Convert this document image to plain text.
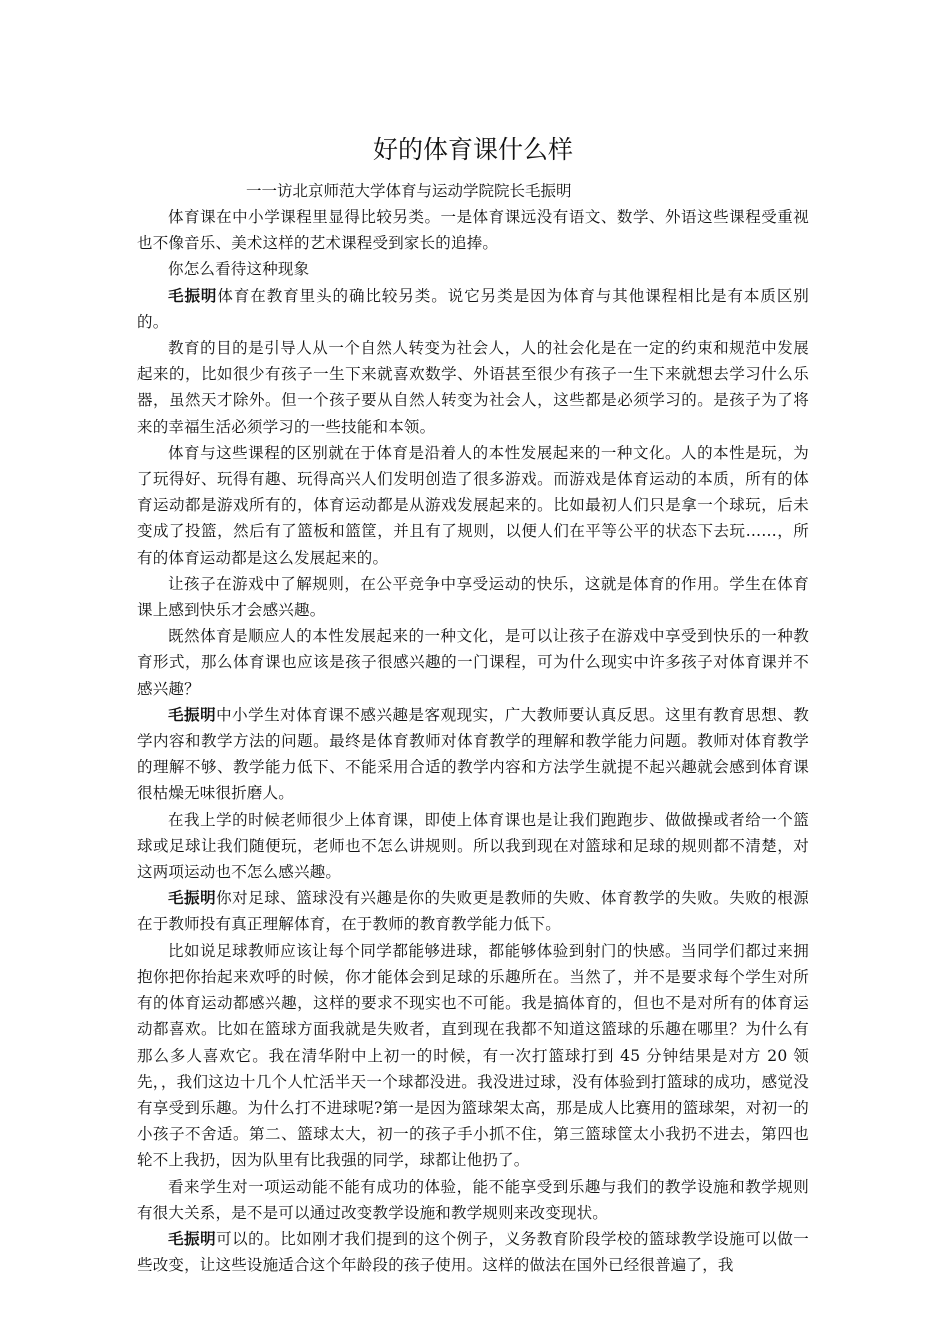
好的体育课什么样

一一访北京师范大学体育与运动学院院长毛振明

体育课在中小学课程里显得比较另类。一是体育课远没有语文、数学、外语这些课程受重视也不像音乐、美术这样的艺术课程受到家长的追捧。

你怎么看待这种现象

毛振明体育在教育里头的确比较另类。说它另类是因为体育与其他课程相比是有本质区别的。

教育的目的是引导人从一个自然人转变为社会人，人的社会化是在一定的约束和规范中发展起来的，比如很少有孩子一生下来就喜欢数学、外语甚至很少有孩子一生下来就想去学习什么乐器，虽然天才除外。但一个孩子要从自然人转变为社会人，这些都是必须学习的。是孩子为了将来的幸福生活必须学习的一些技能和本领。

体育与这些课程的区别就在于体育是沿着人的本性发展起来的一种文化。人的本性是玩，为了玩得好、玩得有趣、玩得高兴人们发明创造了很多游戏。而游戏是体育运动的本质，所有的体育运动都是游戏所有的，体育运动都是从游戏发展起来的。比如最初人们只是拿一个球玩，后未变成了投篮，然后有了篮板和篮筐，并且有了规则，以便人们在平等公平的状态下去玩……，所有的体育运动都是这么发展起来的。

让孩子在游戏中了解规则，在公平竞争中享受运动的快乐，这就是体育的作用。学生在体育课上感到快乐才会感兴趣。

既然体育是顺应人的本性发展起来的一种文化，是可以让孩子在游戏中享受到快乐的一种教育形式，那么体育课也应该是孩子很感兴趣的一门课程，可为什么现实中许多孩子对体育课并不感兴趣？

毛振明中小学生对体育课不感兴趣是客观现实，广大教师要认真反思。这里有教育思想、教学内容和教学方法的问题。最终是体育教师对体育教学的理解和教学能力问题。教师对体育教学的理解不够、教学能力低下、不能采用合适的教学内容和方法学生就提不起兴趣就会感到体育课很枯燥无味很折磨人。

在我上学的时候老师很少上体育课，即使上体育课也是让我们跑跑步、做做操或者给一个篮球或足球让我们随便玩，老师也不怎么讲规则。所以我到现在对篮球和足球的规则都不清楚，对这两项运动也不怎么感兴趣。

毛振明你对足球、篮球没有兴趣是你的失败更是教师的失败、体育教学的失败。失败的根源在于教师投有真正理解体育，在于教师的教育教学能力低下。

比如说足球教师应该让每个同学都能够进球，都能够体验到射门的快感。当同学们都过来拥抱你把你抬起来欢呼的时候，你才能体会到足球的乐趣所在。当然了，并不是要求每个学生对所有的体育运动都感兴趣，这样的要求不现实也不可能。我是搞体育的，但也不是对所有的体育运动都喜欢。比如在篮球方面我就是失败者，直到现在我都不知道这篮球的乐趣在哪里？为什么有那么多人喜欢它。我在清华附中上初一的时候，有一次打篮球打到 45 分钟结果是对方 20 领先，，我们这边十几个人忙活半天一个球都没进。我没进过球，没有体验到打篮球的成功，感觉没有享受到乐趣。为什么打不进球呢?第一是因为篮球架太高，那是成人比赛用的篮球架，对初一的小孩子不舍适。第二、篮球太大，初一的孩子手小抓不住，第三篮球筐太小我扔不进去，第四也轮不上我扔，因为队里有比我强的同学，球都让他扔了。

看来学生对一项运动能不能有成功的体验，能不能享受到乐趣与我们的教学设施和教学规则有很大关系，是不是可以通过改变教学设施和教学规则来改变现状。

毛振明可以的。比如刚才我们提到的这个例子，义务教育阶段学校的篮球教学设施可以做一些改变，让这些设施适合这个年龄段的孩子使用。这样的做法在国外已经很普遍了，我
